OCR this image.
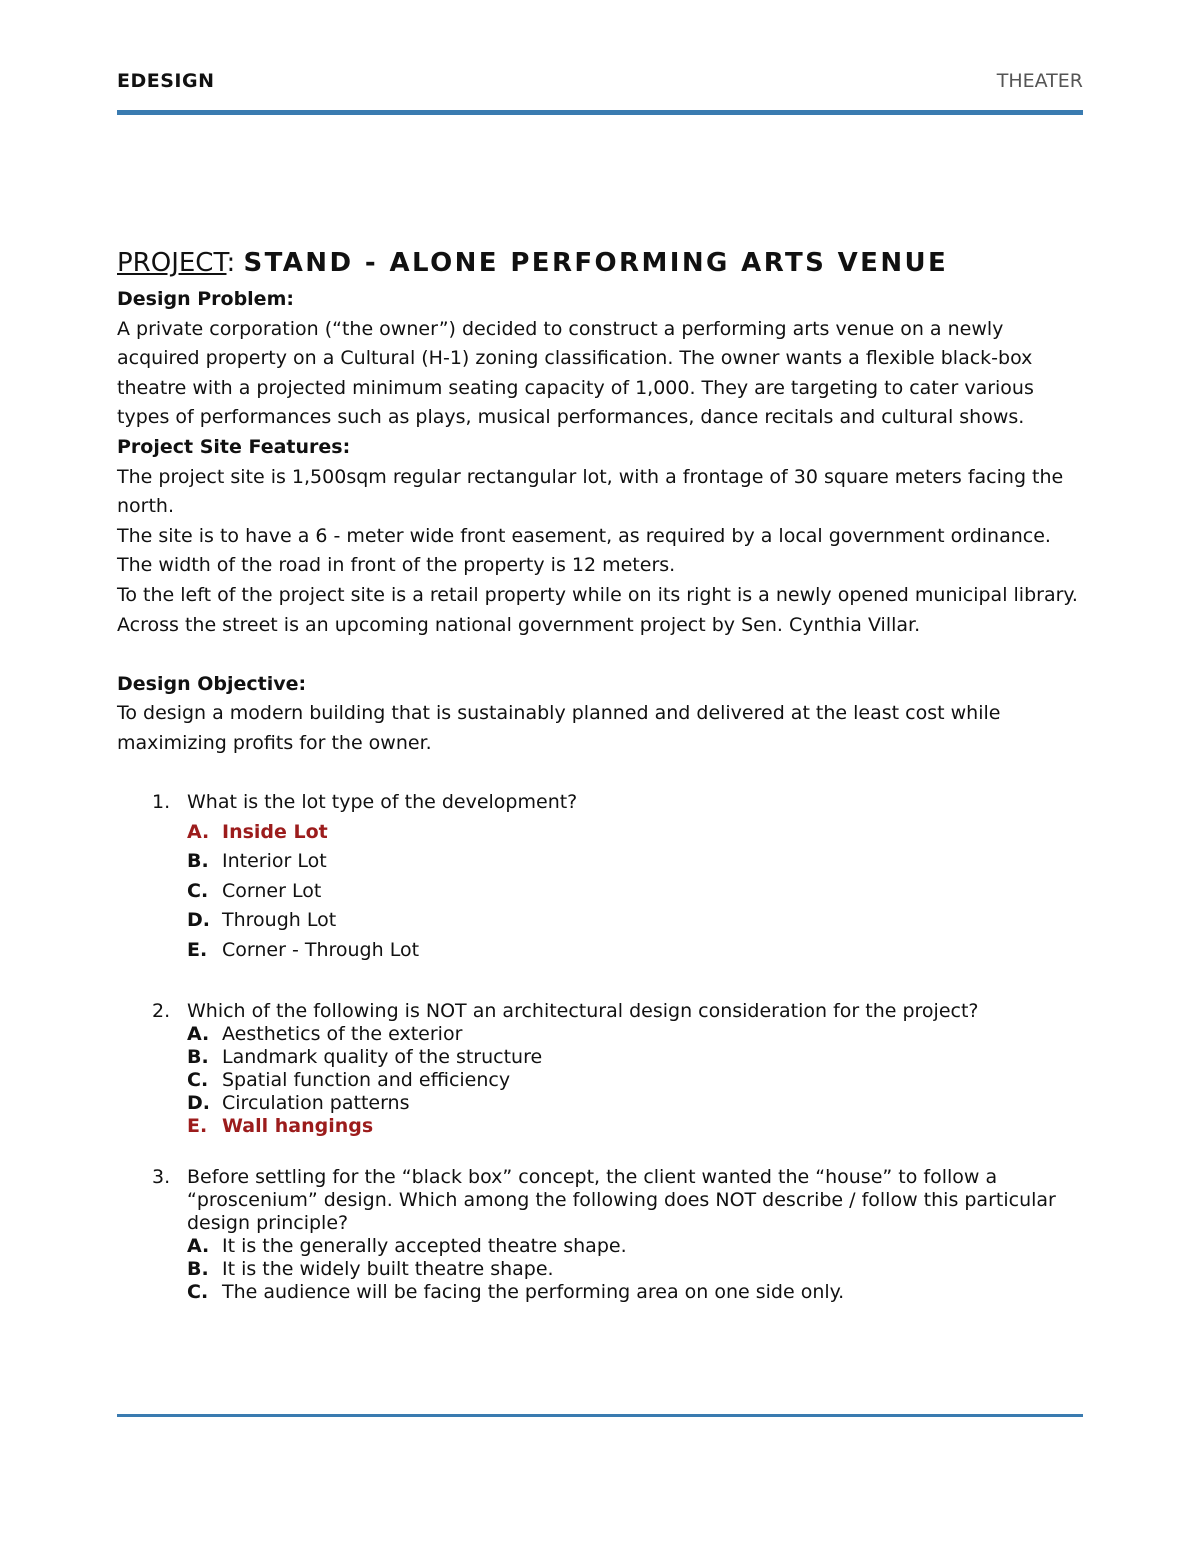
EDESIGN	THEATER
PROJECT: STAND - ALONE PERFORMING ARTS VENUE

Design Problem:

A private corporation (“the owner”) decided to construct a performing arts venue on a newly acquired property on a Cultural (H-1) zoning classification. The owner wants a flexible black-box theatre with a projected minimum seating capacity of 1,000. They are targeting to cater various types of performances such as plays, musical performances, dance recitals and cultural shows.

Project Site Features:

The project site is 1,500sqm regular rectangular lot, with a frontage of 30 square meters facing the north.

The site is to have a 6 - meter wide front easement, as required by a local government ordinance.

The width of the road in front of the property is 12 meters.

To the left of the project site is a retail property while on its right is a newly opened municipal library.

Across the street is an upcoming national government project by Sen. Cynthia Villar.

Design Objective:

To design a modern building that is sustainably planned and delivered at the least cost while maximizing profits for the owner.

1. What is the lot type of the development?
A. Inside Lot
B. Interior Lot
C. Corner Lot
D. Through Lot
E. Corner - Through Lot
2. Which of the following is NOT an architectural design consideration for the project?
A. Aesthetics of the exterior
B. Landmark quality of the structure
C. Spatial function and efficiency
D. Circulation patterns
E. Wall hangings
3. Before settling for the “black box” concept, the client wanted the “house” to follow a “proscenium” design. Which among the following does NOT describe / follow this particular design principle?
A. It is the generally accepted theatre shape.
B. It is the widely built theatre shape.
C. The audience will be facing the performing area on one side only.
